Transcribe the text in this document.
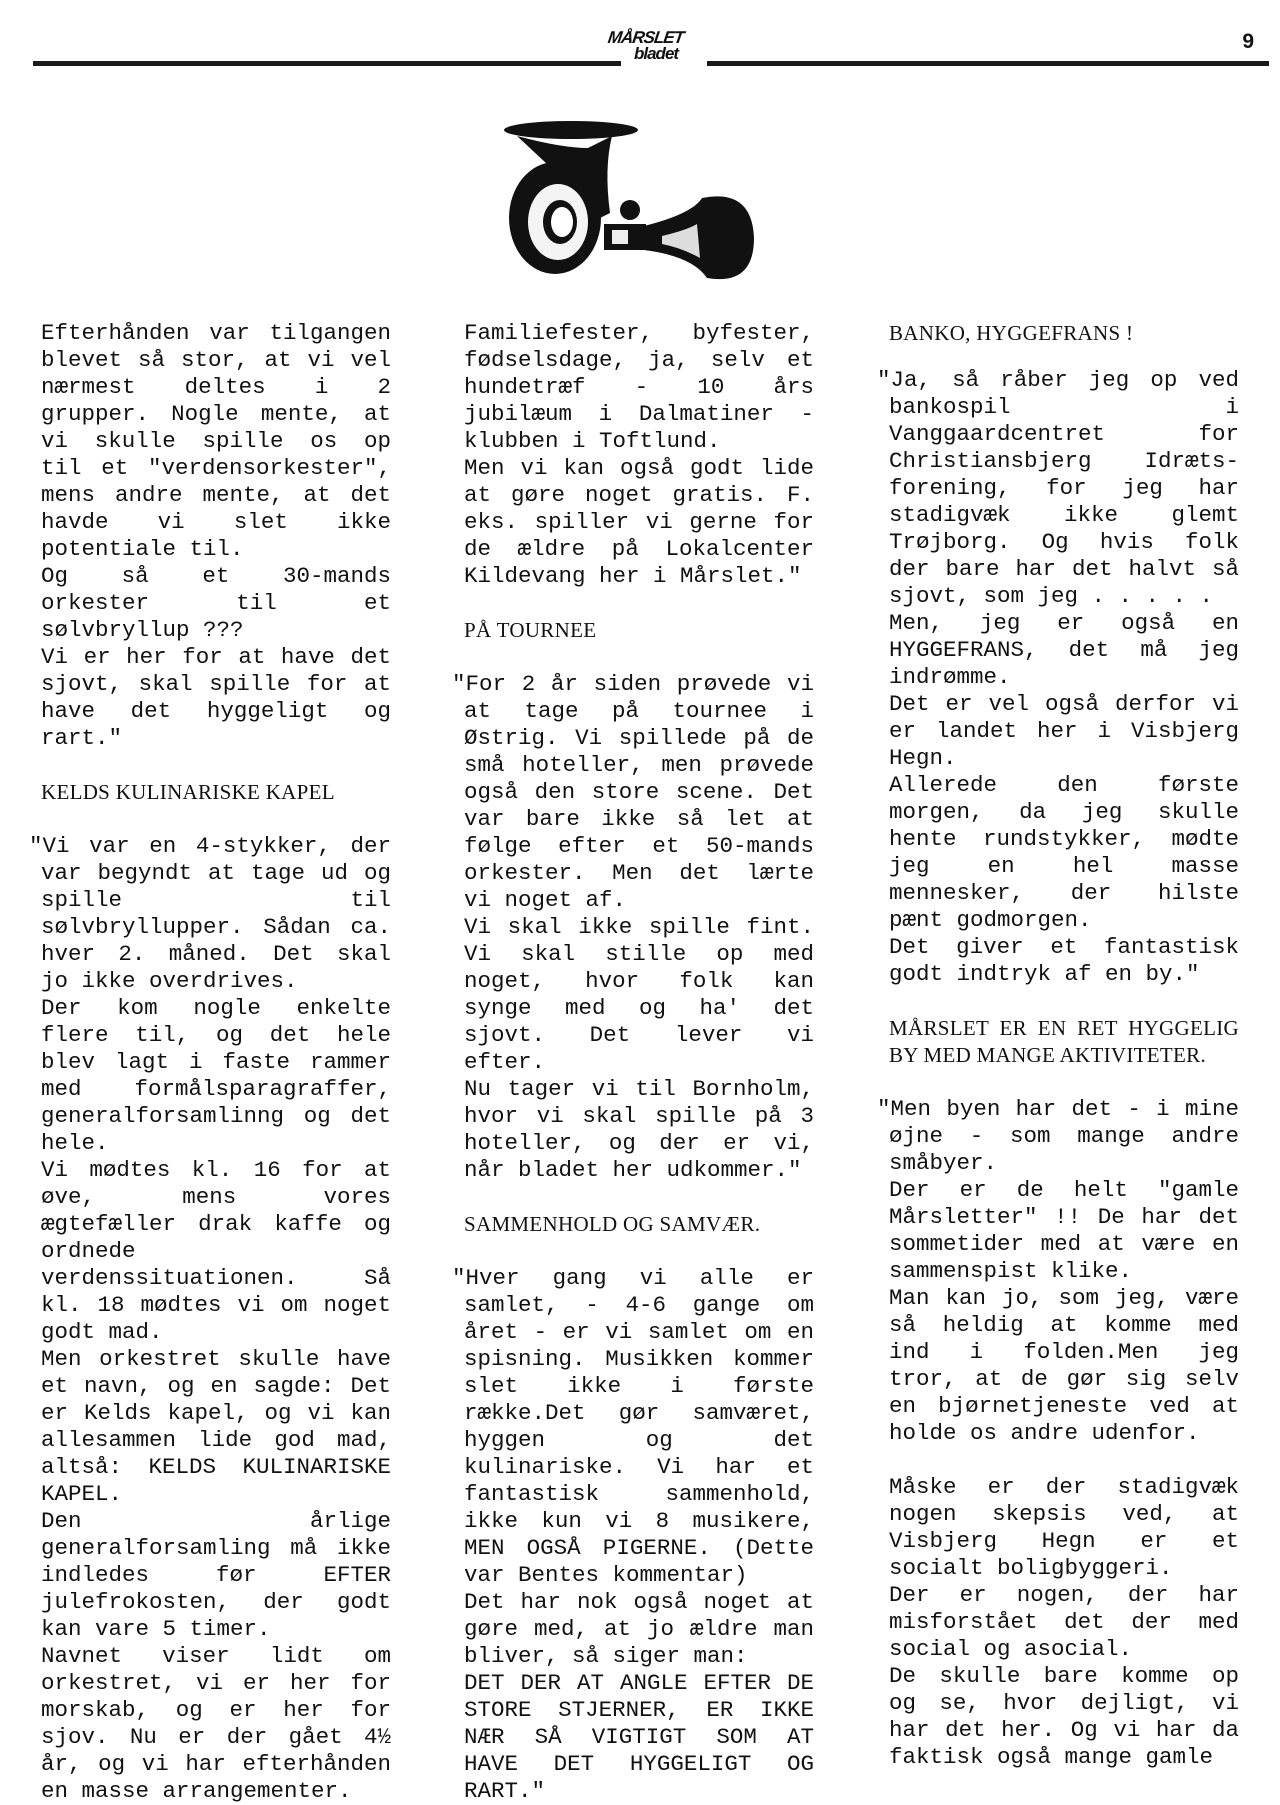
MÅRSLET
bladet
9

Efterhånden var tilgangen blevet så stor, at vi vel nærmest deltes i 2 grupper. Nogle mente, at vi skulle spille os op til et "verdensorkester", mens andre mente, at det havde vi slet ikke potentiale til.

Og så et 30-mands orkester til et sølvbryllup ???

Vi er her for at have det sjovt, skal spille for at have det hyggeligt og rart."

KELDS KULINARISKE KAPEL

"Vi var en 4-stykker, der var begyndt at tage ud og spille til sølvbryllupper. Sådan ca. hver 2. måned. Det skal jo ikke overdrives.

Der kom nogle enkelte flere til, og det hele blev lagt i faste rammer med formålsparagraffer, generalforsamlinng og det hele.

Vi mødtes kl. 16 for at øve, mens vores ægtefæller drak kaffe og ordnede verdenssituationen. Så kl. 18 mødtes vi om noget godt mad.

Men orkestret skulle have et navn, og en sagde: Det er Kelds kapel, og vi kan allesammen lide god mad, altså: KELDS KULINARISKE KAPEL.

Den årlige generalforsamling må ikke indledes før EFTER julefrokosten, der godt kan vare 5 timer.

Navnet viser lidt om orkestret, vi er her for morskab, og er her for sjov. Nu er der gået 4½ år, og vi har efterhånden en masse arrangementer.

Familiefester, byfester, fødselsdage, ja, selv et hundetræf - 10 års jubilæum i Dalmatiner - klubben i Toftlund.

Men vi kan også godt lide at gøre noget gratis. F. eks. spiller vi gerne for de ældre på Lokalcenter Kildevang her i Mårslet."

PÅ TOURNEE

"For 2 år siden prøvede vi at tage på tournee i Østrig. Vi spillede på de små hoteller, men prøvede også den store scene. Det var bare ikke så let at følge efter et 50-mands orkester. Men det lærte vi noget af.

Vi skal ikke spille fint. Vi skal stille op med noget, hvor folk kan synge med og ha' det sjovt. Det lever vi efter.

Nu tager vi til Bornholm, hvor vi skal spille på 3 hoteller, og der er vi, når bladet her udkommer."

SAMMENHOLD OG SAMVÆR.

"Hver gang vi alle er samlet, - 4-6 gange om året - er vi samlet om en spisning. Musikken kommer slet ikke i første række.Det gør samværet, hyggen og det kulinariske. Vi har et fantastisk sammenhold, ikke kun vi 8 musikere, MEN OGSÅ PIGERNE. (Dette var Bentes kommentar)

Det har nok også noget at gøre med, at jo ældre man bliver, så siger man:

DET DER AT ANGLE EFTER DE STORE STJERNER, ER IKKE NÆR SÅ VIGTIGT SOM AT HAVE DET HYGGELIGT OG RART."

BANKO, HYGGEFRANS !

"Ja, så råber jeg op ved bankospil i Vanggaardcentret for Christiansbjerg Idræts- forening, for jeg har stadigvæk ikke glemt Trøjborg. Og hvis folk der bare har det halvt så sjovt, som jeg . . . . .

Men, jeg er også en HYGGEFRANS, det må jeg indrømme.

Det er vel også derfor vi er landet her i Visbjerg Hegn.

Allerede den første morgen, da jeg skulle hente rundstykker, mødte jeg en hel masse mennesker, der hilste pænt godmorgen.

Det giver et fantastisk godt indtryk af en by."

MÅRSLET ER EN RET HYGGELIG BY MED MANGE AKTIVITETER.

"Men byen har det - i mine øjne - som mange andre småbyer.

Der er de helt "gamle Mårsletter" !! De har det sommetider med at være en sammenspist klike.

Man kan jo, som jeg, være så heldig at komme med ind i folden.Men jeg tror, at de gør sig selv en bjørnetjeneste ved at holde os andre udenfor.

Måske er der stadigvæk nogen skepsis ved, at Visbjerg Hegn er et socialt boligbyggeri.

Der er nogen, der har misforstået det der med social og asocial.

De skulle bare komme op og se, hvor dejligt, vi har det her. Og vi har da faktisk også mange gamle
